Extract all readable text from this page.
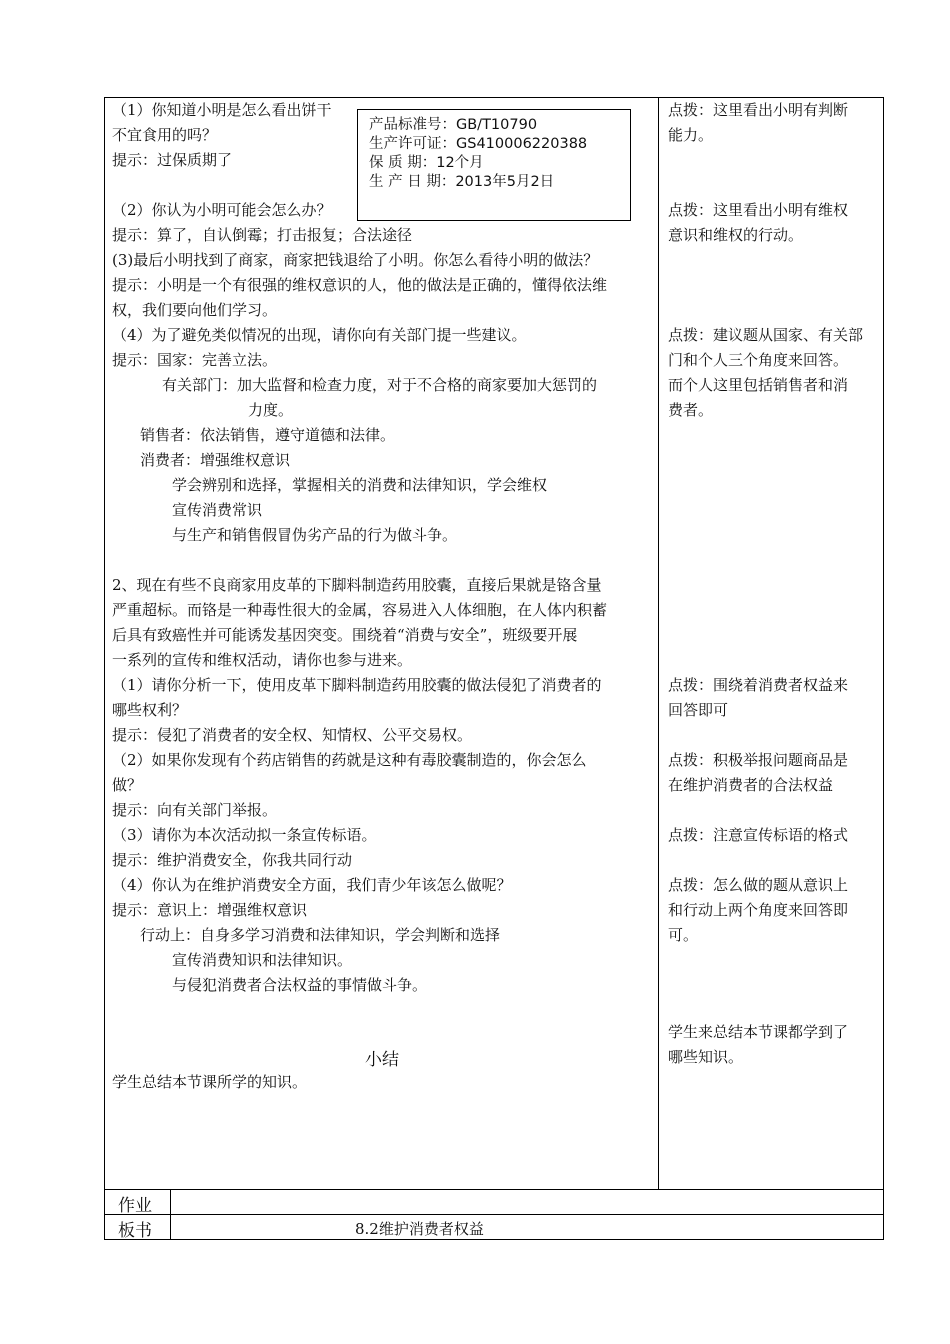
（1）你知道小明是怎么看出饼干
不宜食用的吗？
提示：过保质期了
（2）你认为小明可能会怎么办？
提示：算了，自认倒霉；打击报复；合法途径
(3)最后小明找到了商家，商家把钱退给了小明。你怎么看待小明的做法？
提示：小明是一个有很强的维权意识的人，他的做法是正确的，懂得依法维
权，我们要向他们学习。
（4）为了避免类似情况的出现，请你向有关部门提一些建议。
提示：国家：完善立法。
有关部门：加大监督和检查力度，对于不合格的商家要加大惩罚的
力度。
销售者：依法销售，遵守道德和法律。
消费者：增强维权意识
学会辨别和选择，掌握相关的消费和法律知识，学会维权
宣传消费常识
与生产和销售假冒伪劣产品的行为做斗争。
2、现在有些不良商家用皮革的下脚料制造药用胶囊，直接后果就是铬含量
严重超标。而铬是一种毒性很大的金属，容易进入人体细胞，在人体内积蓄
后具有致癌性并可能诱发基因突变。围绕着“消费与安全”，班级要开展
一系列的宣传和维权活动，请你也参与进来。
（1）请你分析一下，使用皮革下脚料制造药用胶囊的做法侵犯了消费者的
哪些权利？
提示：侵犯了消费者的安全权、知情权、公平交易权。
（2）如果你发现有个药店销售的药就是这种有毒胶囊制造的，你会怎么
做？
提示：向有关部门举报。
（3）请你为本次活动拟一条宣传标语。
提示：维护消费安全，你我共同行动
（4）你认为在维护消费安全方面，我们青少年该怎么做呢？
提示：意识上：增强维权意识
行动上：自身多学习消费和法律知识，学会判断和选择
宣传消费知识和法律知识。
与侵犯消费者合法权益的事情做斗争。
小结
学生总结本节课所学的知识。
产品标准号：GB/T10790
生产许可证：GS410006220388
保 质 期：12个月
生 产 日 期：2013年5月2日
点拨：这里看出小明有判断
能力。
点拨：这里看出小明有维权
意识和维权的行动。
点拨：建议题从国家、有关部
门和个人三个角度来回答。
而个人这里包括销售者和消
费者。
点拨：围绕着消费者权益来
回答即可
点拨：积极举报问题商品是
在维护消费者的合法权益
点拨：注意宣传标语的格式
点拨：怎么做的题从意识上
和行动上两个角度来回答即
可。
学生来总结本节课都学到了
哪些知识。
作业
板书	8.2维护消费者权益
